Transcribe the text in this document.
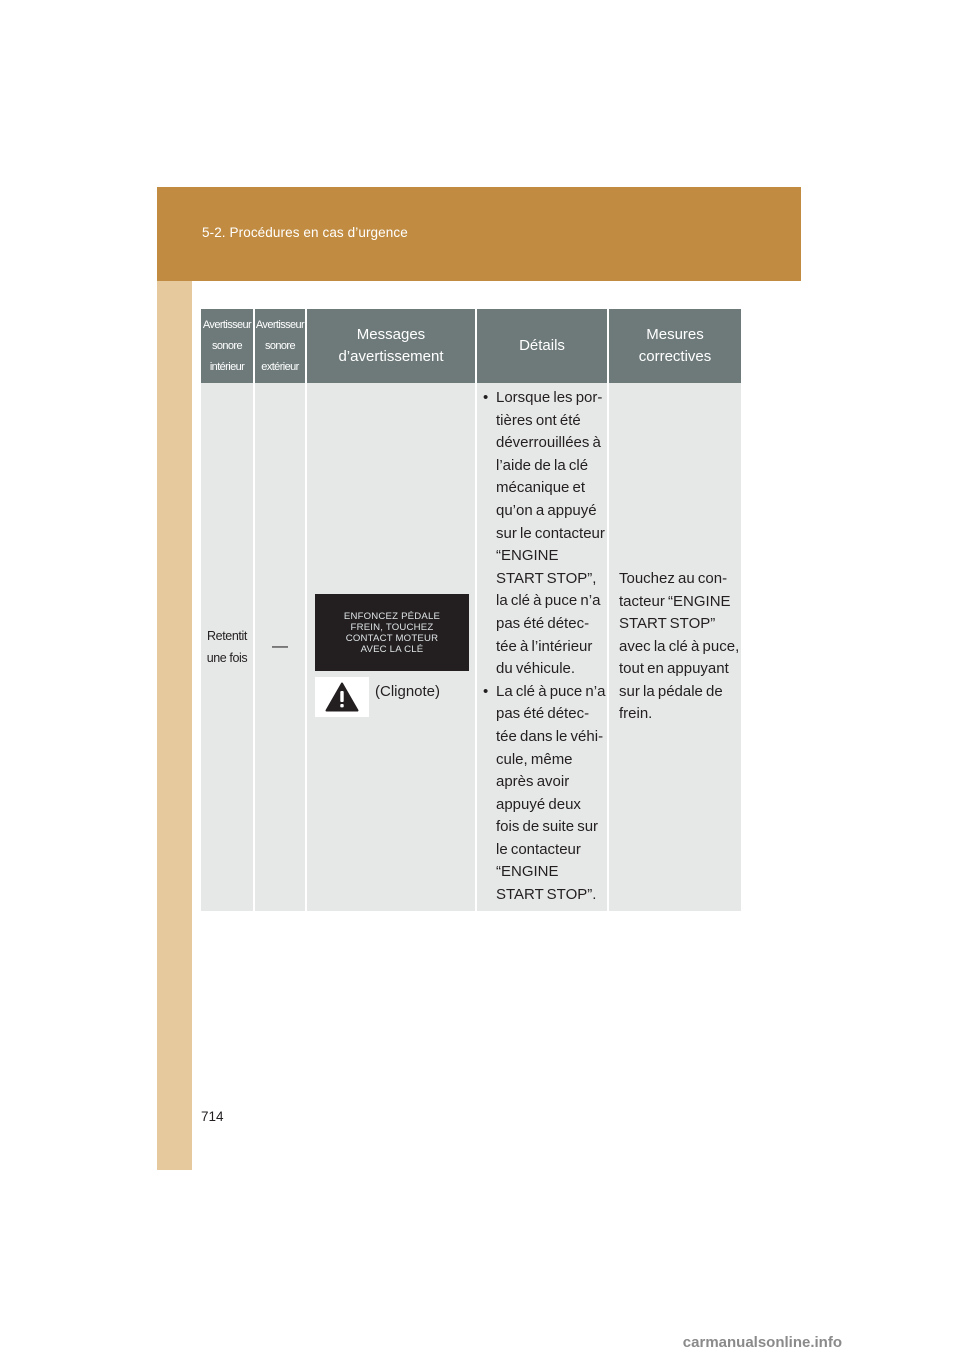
5-2. Procédures en cas d’urgence
Avertisseur
sonore
intérieur
Avertisseur
sonore
extérieur
Messages
d’avertissement
Détails
Mesures
correctives
Retentit
une fois
—
ENFONCEZ PÉDALE
FREIN, TOUCHEZ
CONTACT MOTEUR
AVEC LA CLÉ
(Clignote)
• Lorsque les por-tières ont été déverrouillées à l’aide de la clé mécanique et qu’on a appuyé sur le contacteur “ENGINE START STOP”, la clé à puce n’a pas été détec-tée à l’intérieur du véhicule.
• La clé à puce n’a pas été détec-tée dans le véhi-cule, même après avoir appuyé deux fois de suite sur le contacteur “ENGINE START STOP”.
Touchez au con-tacteur “ENGINE START STOP” avec la clé à puce, tout en appuyant sur la pédale de frein.
714
carmanualsonline.info
